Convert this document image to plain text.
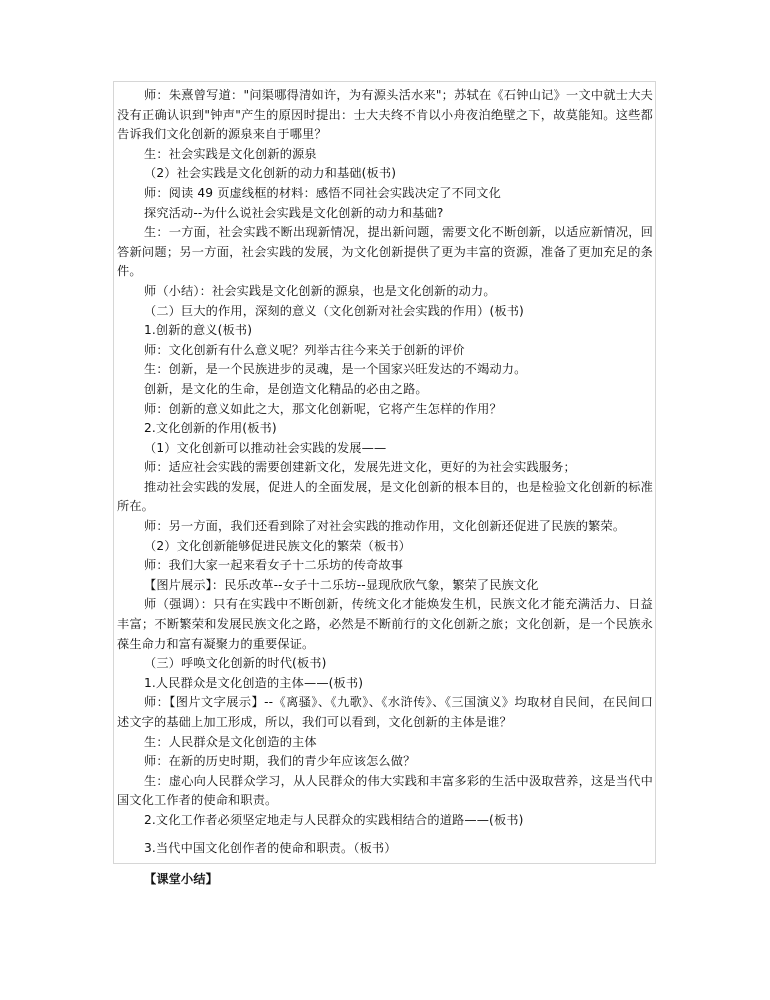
师：朱熹曾写道："问渠哪得清如许，为有源头活水来"；苏轼在《石钟山记》一文中就士大夫没有正确认识到"钟声"产生的原因时提出：士大夫终不肯以小舟夜泊绝壁之下，故莫能知。这些都告诉我们文化创新的源泉来自于哪里？

生：社会实践是文化创新的源泉

（2）社会实践是文化创新的动力和基础(板书)

师：阅读 49 页虚线框的材料：感悟不同社会实践决定了不同文化

探究活动--为什么说社会实践是文化创新的动力和基础?

生：一方面，社会实践不断出现新情况，提出新问题，需要文化不断创新，以适应新情况，回答新问题；另一方面，社会实践的发展，为文化创新提供了更为丰富的资源，准备了更加充足的条件。

师（小结）：社会实践是文化创新的源泉，也是文化创新的动力。

（二）巨大的作用，深刻的意义（文化创新对社会实践的作用）(板书)

1.创新的意义(板书)

师：文化创新有什么意义呢？列举古往今来关于创新的评价

生：创新，是一个民族进步的灵魂，是一个国家兴旺发达的不竭动力。

创新，是文化的生命，是创造文化精品的必由之路。

师：创新的意义如此之大，那文化创新呢，它将产生怎样的作用？

2.文化创新的作用(板书)

（1）文化创新可以推动社会实践的发展——

师：适应社会实践的需要创建新文化，发展先进文化，更好的为社会实践服务；

推动社会实践的发展，促进人的全面发展，是文化创新的根本目的，也是检验文化创新的标准所在。

师：另一方面，我们还看到除了对社会实践的推动作用，文化创新还促进了民族的繁荣。

（2）文化创新能够促进民族文化的繁荣（板书）

师：我们大家一起来看女子十二乐坊的传奇故事

【图片展示】：民乐改革--女子十二乐坊--显现欣欣气象，繁荣了民族文化

师（强调）：只有在实践中不断创新，传统文化才能焕发生机，民族文化才能充满活力、日益丰富；不断繁荣和发展民族文化之路，必然是不断前行的文化创新之旅；文化创新，是一个民族永葆生命力和富有凝聚力的重要保证。

（三）呼唤文化创新的时代(板书)

1.人民群众是文化创造的主体——(板书)

师：【图片文字展示】--《离骚》、《九歌》、《水浒传》、《三国演义》均取材自民间，在民间口述文字的基础上加工形成，所以，我们可以看到，文化创新的主体是谁？

生：人民群众是文化创造的主体

师：在新的历史时期，我们的青少年应该怎么做？

生：虚心向人民群众学习，从人民群众的伟大实践和丰富多彩的生活中汲取营养，这是当代中国文化工作者的使命和职责。

2.文化工作者必须坚定地走与人民群众的实践相结合的道路——(板书)

3.当代中国文化创作者的使命和职责。（板书）

【课堂小结】
